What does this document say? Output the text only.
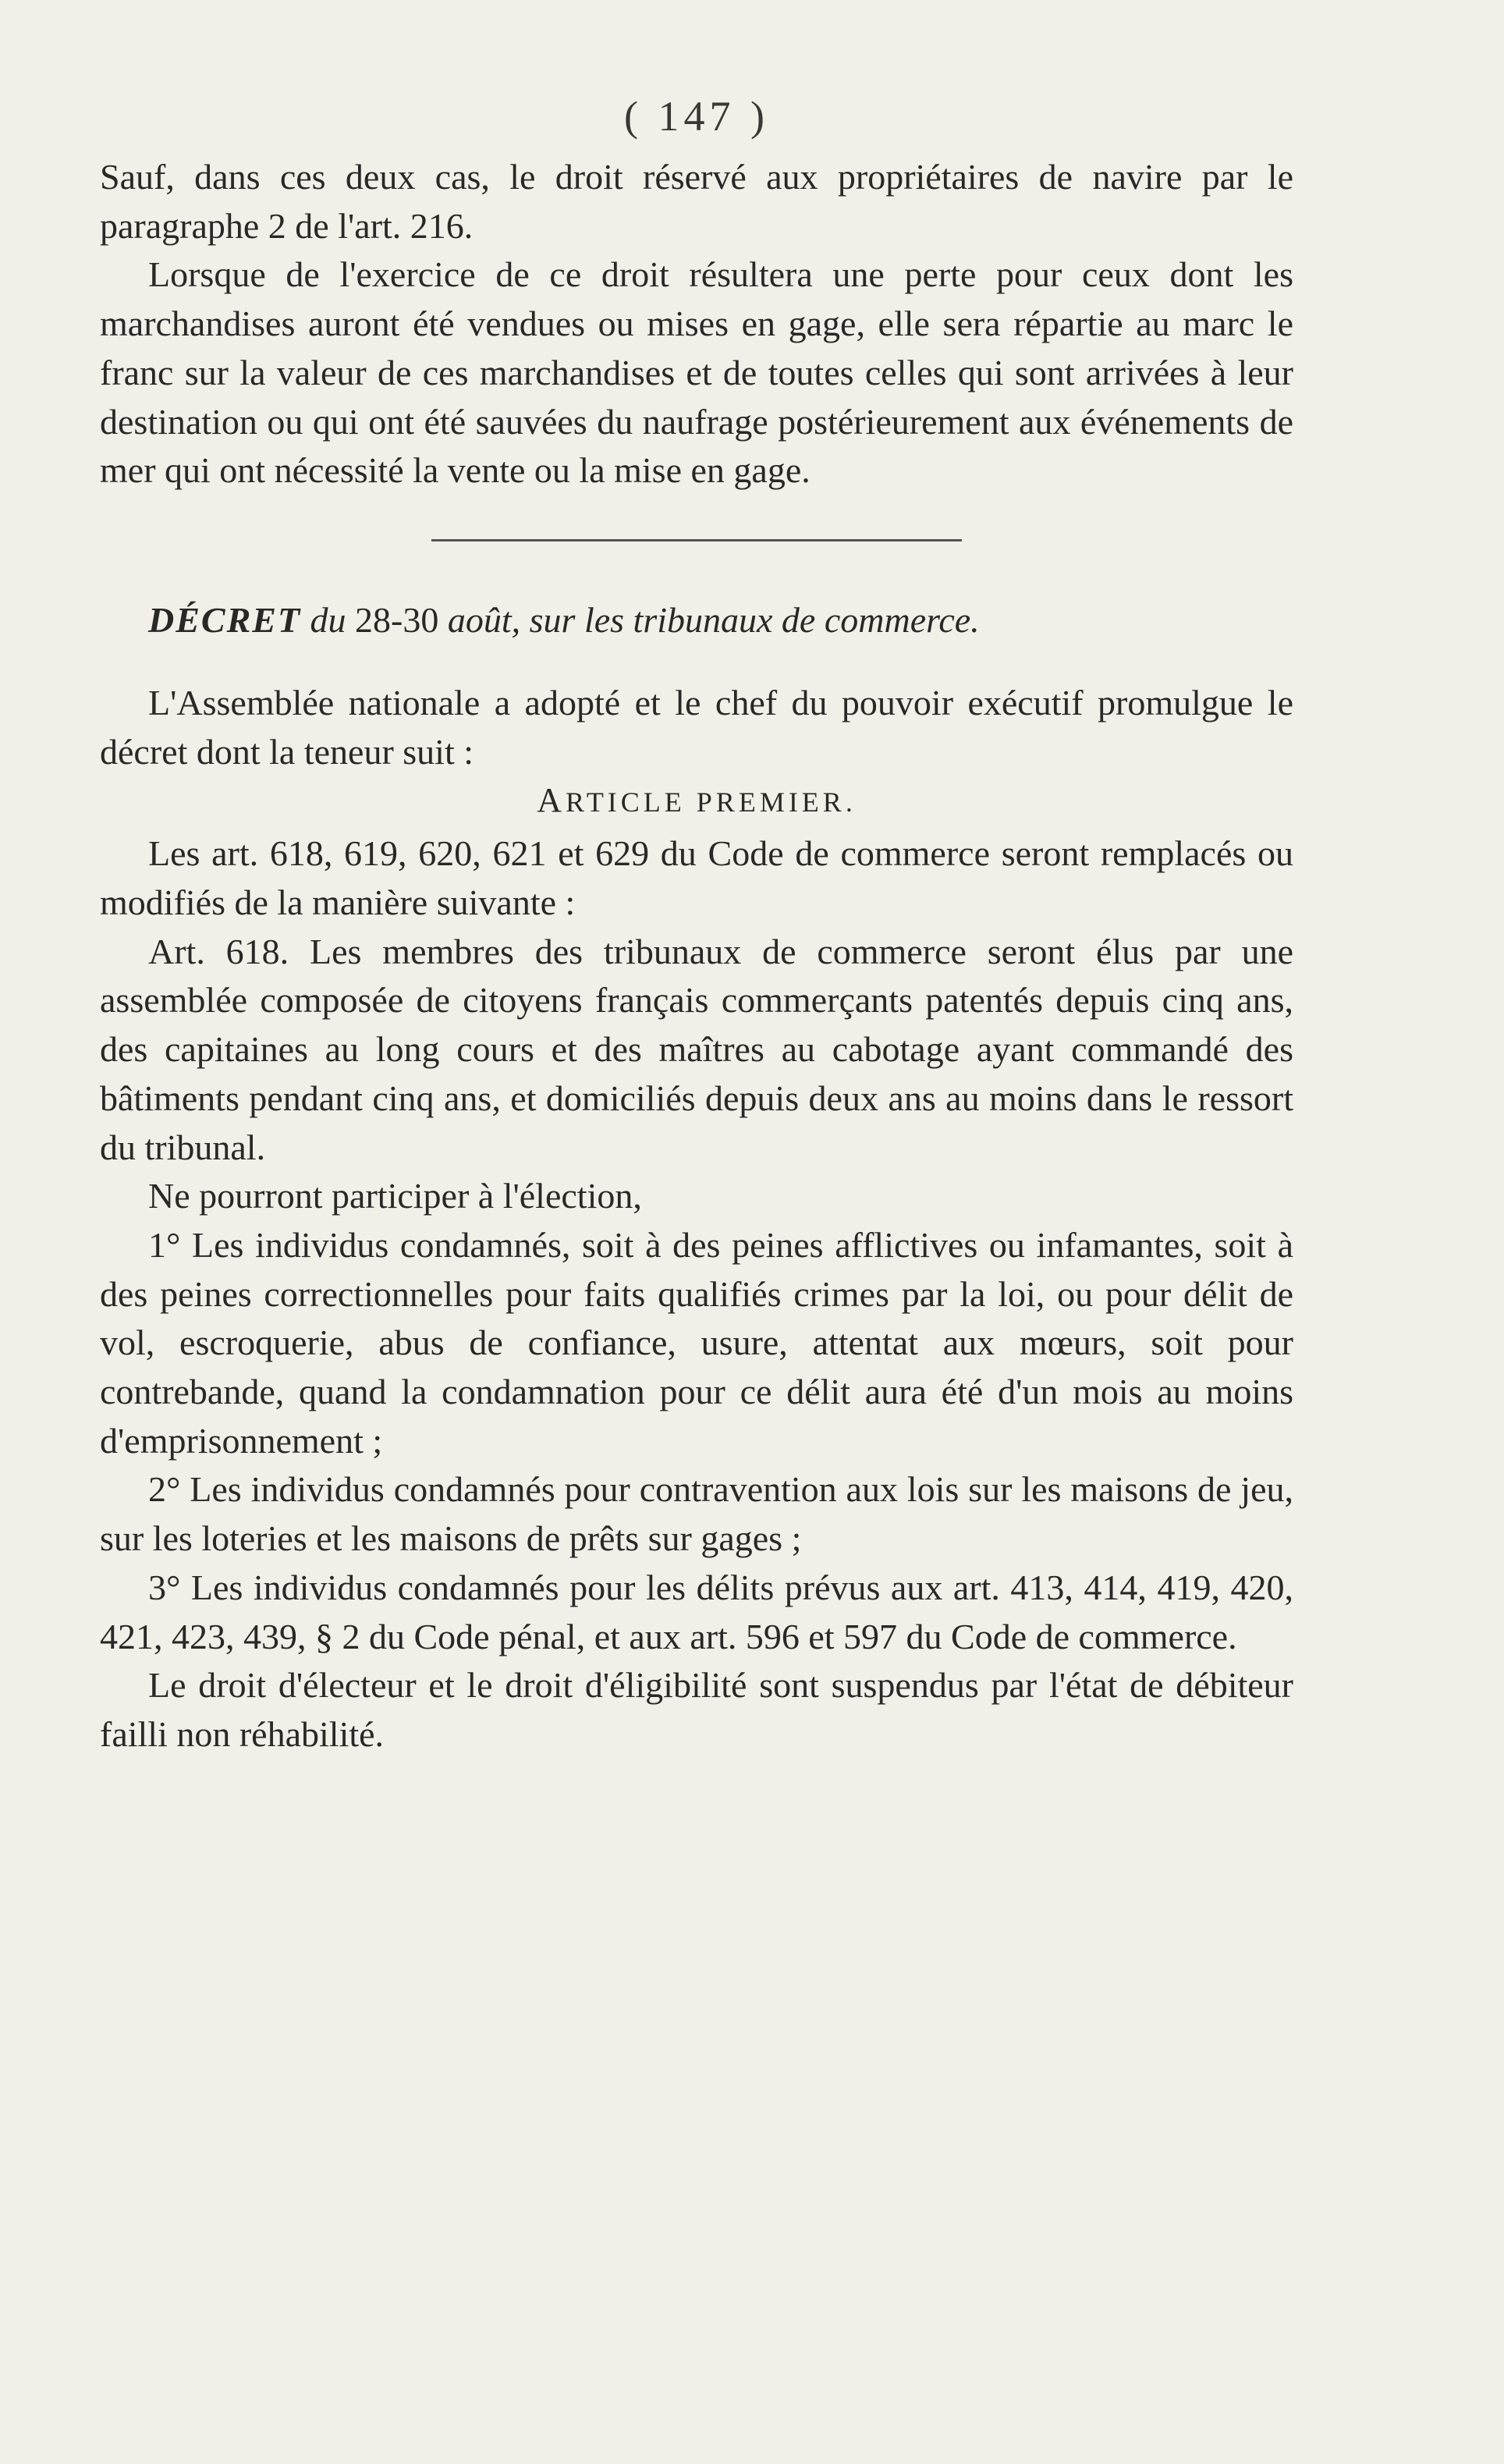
( 147 )

Sauf, dans ces deux cas, le droit réservé aux propriétaires de navire par le paragraphe 2 de l'art. 216.

Lorsque de l'exercice de ce droit résultera une perte pour ceux dont les marchandises auront été vendues ou mises en gage, elle sera répartie au marc le franc sur la valeur de ces marchandises et de toutes celles qui sont arrivées à leur destination ou qui ont été sauvées du naufrage postérieurement aux événements de mer qui ont nécessité la vente ou la mise en gage.

DÉCRET du 28-30 août, sur les tribunaux de commerce.

L'Assemblée nationale a adopté et le chef du pouvoir exécutif promulgue le décret dont la teneur suit :

ARTICLE PREMIER.

Les art. 618, 619, 620, 621 et 629 du Code de commerce seront remplacés ou modifiés de la manière suivante :

Art. 618. Les membres des tribunaux de commerce seront élus par une assemblée composée de citoyens français commerçants patentés depuis cinq ans, des capitaines au long cours et des maîtres au cabotage ayant commandé des bâtiments pendant cinq ans, et domiciliés depuis deux ans au moins dans le ressort du tribunal.

Ne pourront participer à l'élection,

1° Les individus condamnés, soit à des peines afflictives ou infamantes, soit à des peines correctionnelles pour faits qualifiés crimes par la loi, ou pour délit de vol, escroquerie, abus de confiance, usure, attentat aux mœurs, soit pour contrebande, quand la condamnation pour ce délit aura été d'un mois au moins d'emprisonnement ;

2° Les individus condamnés pour contravention aux lois sur les maisons de jeu, sur les loteries et les maisons de prêts sur gages ;

3° Les individus condamnés pour les délits prévus aux art. 413, 414, 419, 420, 421, 423, 439, § 2 du Code pénal, et aux art. 596 et 597 du Code de commerce.

Le droit d'électeur et le droit d'éligibilité sont suspendus par l'état de débiteur failli non réhabilité.
